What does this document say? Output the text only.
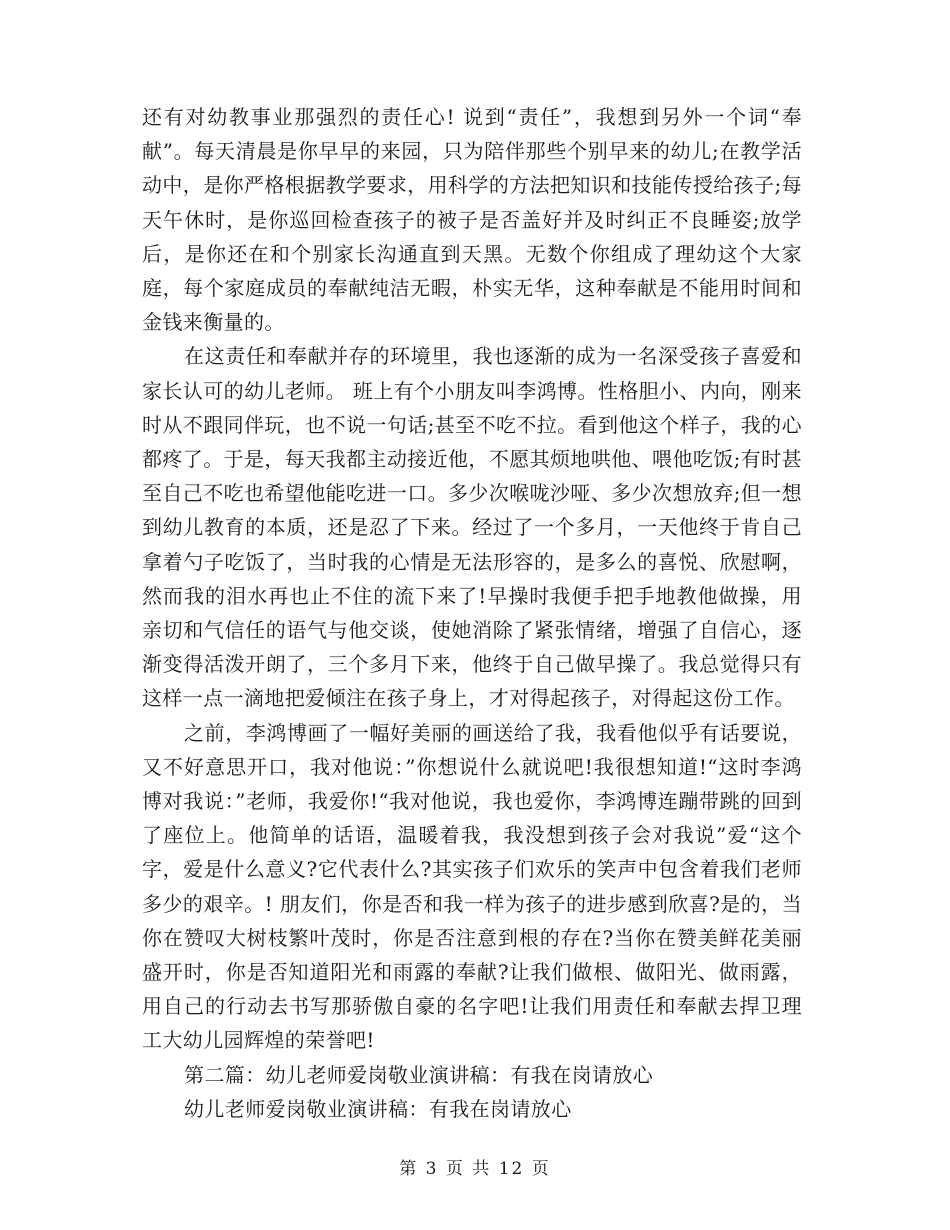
还有对幼教事业那强烈的责任心! 说到“责任”，我想到另外一个词“奉献”。每天清晨是你早早的来园，只为陪伴那些个别早来的幼儿;在教学活动中，是你严格根据教学要求，用科学的方法把知识和技能传授给孩子;每天午休时，是你巡回检查孩子的被子是否盖好并及时纠正不良睡姿;放学后，是你还在和个别家长沟通直到天黑。无数个你组成了理幼这个大家庭，每个家庭成员的奉献纯洁无暇，朴实无华，这种奉献是不能用时间和金钱来衡量的。

在这责任和奉献并存的环境里，我也逐渐的成为一名深受孩子喜爱和家长认可的幼儿老师。 班上有个小朋友叫李鸿博。性格胆小、内向，刚来时从不跟同伴玩，也不说一句话;甚至不吃不拉。看到他这个样子，我的心都疼了。于是，每天我都主动接近他，不愿其烦地哄他、喂他吃饭;有时甚至自己不吃也希望他能吃进一口。多少次喉咙沙哑、多少次想放弃;但一想到幼儿教育的本质，还是忍了下来。经过了一个多月，一天他终于肯自己拿着勺子吃饭了，当时我的心情是无法形容的，是多么的喜悦、欣慰啊，然而我的泪水再也止不住的流下来了!早操时我便手把手地教他做操，用亲切和气信任的语气与他交谈，使她消除了紧张情绪，增强了自信心，逐渐变得活泼开朗了，三个多月下来，他终于自己做早操了。我总觉得只有这样一点一滴地把爱倾注在孩子身上，才对得起孩子，对得起这份工作。

之前，李鸿博画了一幅好美丽的画送给了我，我看他似乎有话要说，又不好意思开口，我对他说：”你想说什么就说吧!我很想知道!“这时李鸿博对我说：”老师，我爱你!“我对他说，我也爱你，李鸿博连蹦带跳的回到了座位上。他简单的话语，温暖着我，我没想到孩子会对我说”爱“这个字，爱是什么意义?它代表什么?其实孩子们欢乐的笑声中包含着我们老师多少的艰辛。! 朋友们，你是否和我一样为孩子的进步感到欣喜?是的，当你在赞叹大树枝繁叶茂时，你是否注意到根的存在?当你在赞美鲜花美丽盛开时，你是否知道阳光和雨露的奉献?让我们做根、做阳光、做雨露，用自己的行动去书写那骄傲自豪的名字吧!让我们用责任和奉献去捍卫理工大幼儿园辉煌的荣誉吧!

第二篇：幼儿老师爱岗敬业演讲稿：有我在岗请放心

幼儿老师爱岗敬业演讲稿：有我在岗请放心

第 3 页 共 12 页
